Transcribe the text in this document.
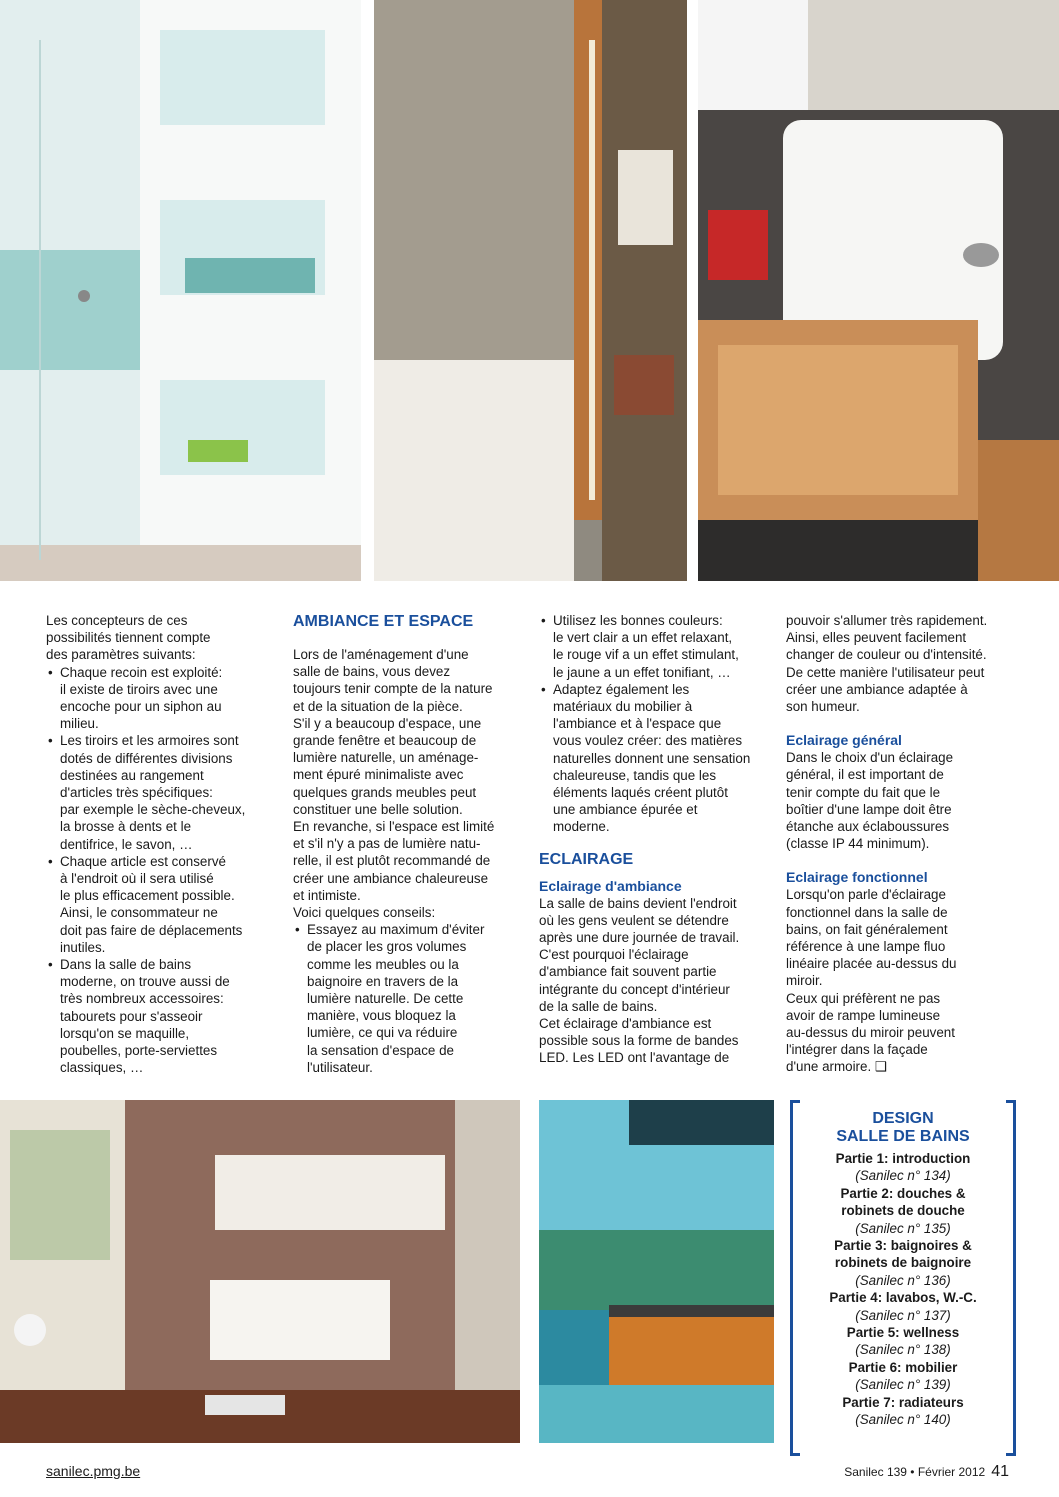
Les concepteurs de ces

possibilités tiennent compte

des paramètres suivants:

• Chaque recoin est exploité:

il existe de tiroirs avec une

encoche pour un siphon au

milieu.

• Les tiroirs et les armoires sont

dotés de différentes divisions

destinées au rangement

d'articles très spécifiques:

par exemple le sèche-cheveux,

la brosse à dents et le

dentifrice, le savon, …

• Chaque article est conservé

à l'endroit où il sera utilisé

le plus efficacement possible.

Ainsi, le consommateur ne

doit pas faire de déplacements

inutiles.

• Dans la salle de bains

moderne, on trouve aussi de

très nombreux accessoires:

tabourets pour s'asseoir

lorsqu'on se maquille,

poubelles, porte-serviettes

classiques, …

AMBIANCE ET ESPACE

Lors de l'aménagement d'une

salle de bains, vous devez

toujours tenir compte de la nature

et de la situation de la pièce.

S'il y a beaucoup d'espace, une

grande fenêtre et beaucoup de

lumière naturelle, un aménage-

ment épuré minimaliste avec

quelques grands meubles peut

constituer une belle solution.

En revanche, si l'espace est limité

et s'il n'y a pas de lumière natu-

relle, il est plutôt recommandé de

créer une ambiance chaleureuse

et intimiste.

Voici quelques conseils:

• Essayez au maximum d'éviter

de placer les gros volumes

comme les meubles ou la

baignoire en travers de la

lumière naturelle. De cette

manière, vous bloquez la

lumière, ce qui va réduire

la sensation d'espace de

l'utilisateur.

• Utilisez les bonnes couleurs:

le vert clair a un effet relaxant,

le rouge vif a un effet stimulant,

le jaune a un effet tonifiant, …

• Adaptez également les

matériaux du mobilier à

l'ambiance et à l'espace que

vous voulez créer: des matières

naturelles donnent une sensation

chaleureuse, tandis que les

éléments laqués créent plutôt

une ambiance épurée et

moderne.

ECLAIRAGE

Eclairage d'ambiance

La salle de bains devient l'endroit

où les gens veulent se détendre

après une dure journée de travail.

C'est pourquoi l'éclairage

d'ambiance fait souvent partie

intégrante du concept d'intérieur

de la salle de bains.

Cet éclairage d'ambiance est

possible sous la forme de bandes

LED. Les LED ont l'avantage de

pouvoir s'allumer très rapidement.

Ainsi, elles peuvent facilement

changer de couleur ou d'intensité.

De cette manière l'utilisateur peut

créer une ambiance adaptée à

son humeur.

Eclairage général

Dans le choix d'un éclairage

général, il est important de

tenir compte du fait que le

boîtier d'une lampe doit être

étanche aux éclaboussures

(classe IP 44 minimum).

Eclairage fonctionnel

Lorsqu'on parle d'éclairage

fonctionnel dans la salle de

bains, on fait généralement

référence à une lampe fluo

linéaire placée au-dessus du

miroir.

Ceux qui préfèrent ne pas

avoir de rampe lumineuse

au-dessus du miroir peuvent

l'intégrer dans la façade

d'une armoire. ❑

DESIGN

SALLE DE BAINS

Partie 1: introduction

(Sanilec n° 134)

Partie 2: douches &

robinets de douche

(Sanilec n° 135)

Partie 3: baignoires &

robinets de baignoire

(Sanilec n° 136)

Partie 4: lavabos, W.-C.

(Sanilec n° 137)

Partie 5: wellness

(Sanilec n° 138)

Partie 6: mobilier

(Sanilec n° 139)

Partie 7: radiateurs

(Sanilec n° 140)

sanilec.pmg.be	Sanilec 139 • Février 2012 41
